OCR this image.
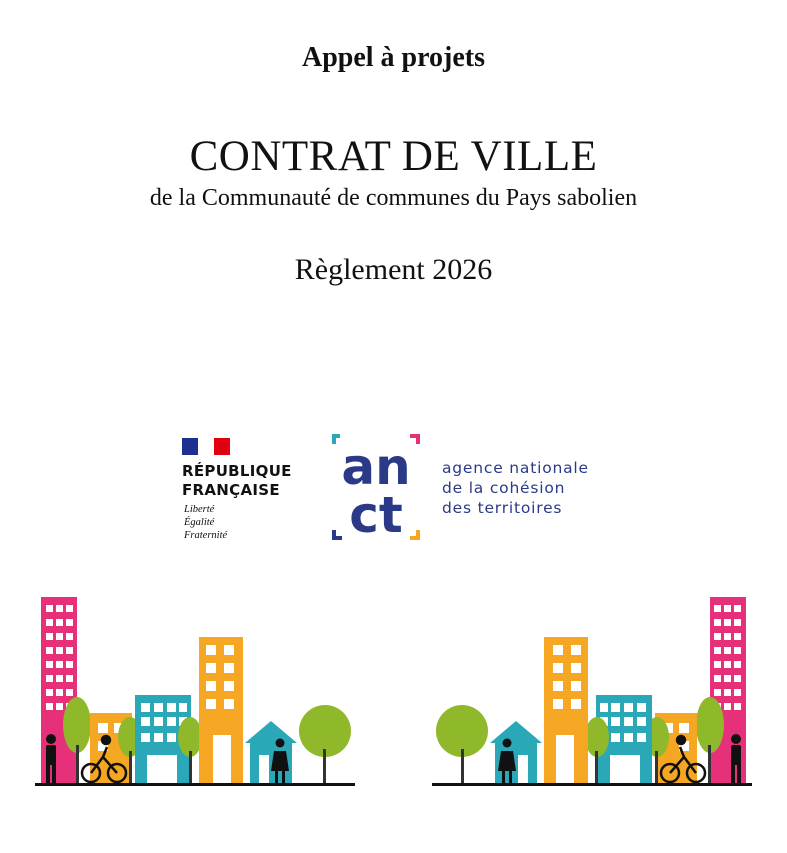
Appel à projets
CONTRAT DE VILLE
de la Communauté de communes du Pays sabolien
Règlement 2026
RÉPUBLIQUE
FRANÇAISE
Liberté
Égalité
Fraternité
an
ct
agence nationale
de la cohésion
des territoires
